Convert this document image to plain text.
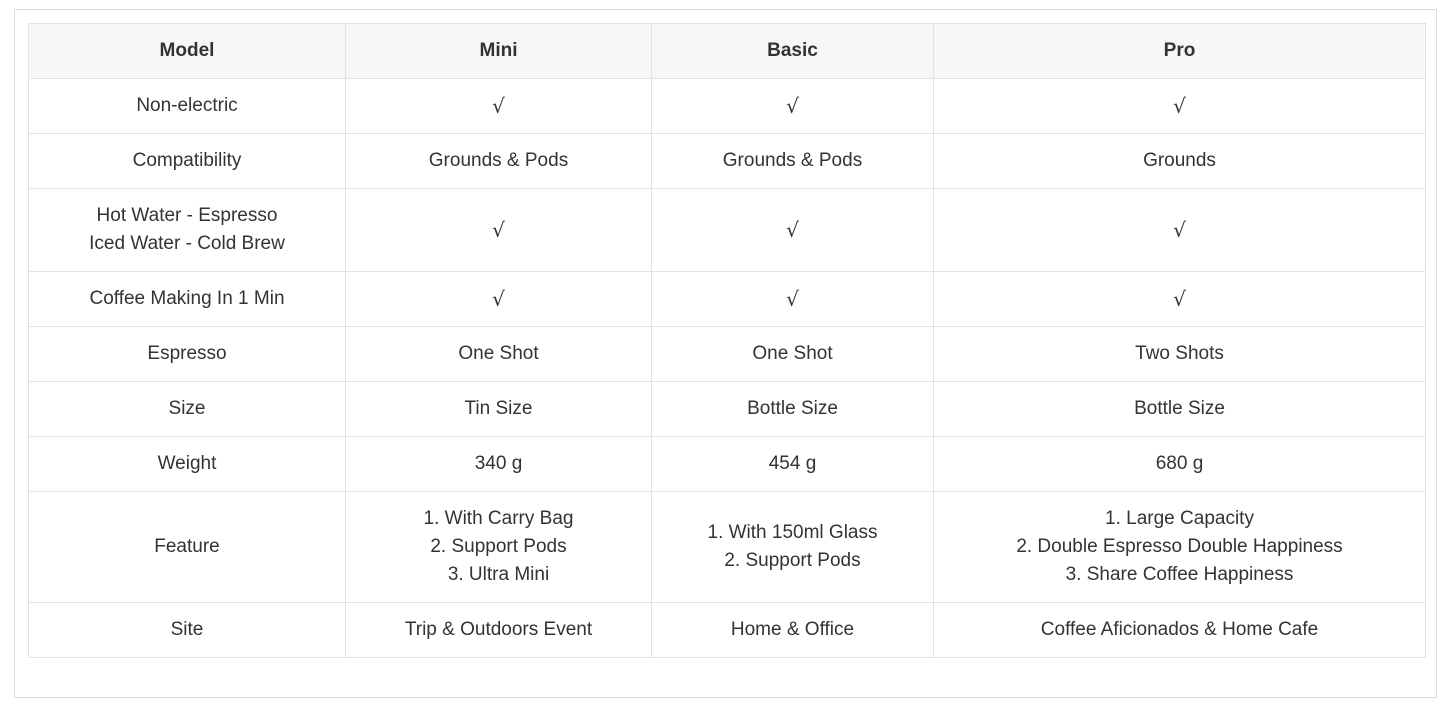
Model	Mini	Basic	Pro

Non-electric	√	√	√

Compatibility	Grounds & Pods	Grounds & Pods	Grounds

Hot Water - Espresso
Iced Water - Cold Brew	√	√	√

Coffee Making In 1 Min	√	√	√

Espresso	One Shot	One Shot	Two Shots

Size	Tin Size	Bottle Size	Bottle Size

Weight	340 g	454 g	680 g

Feature	1. With Carry Bag
2. Support Pods
3. Ultra Mini	1. With 150ml Glass
2. Support Pods	1. Large Capacity
2. Double Espresso Double Happiness
3. Share Coffee Happiness

Site	Trip & Outdoors Event	Home & Office	Coffee Aficionados & Home Cafe
